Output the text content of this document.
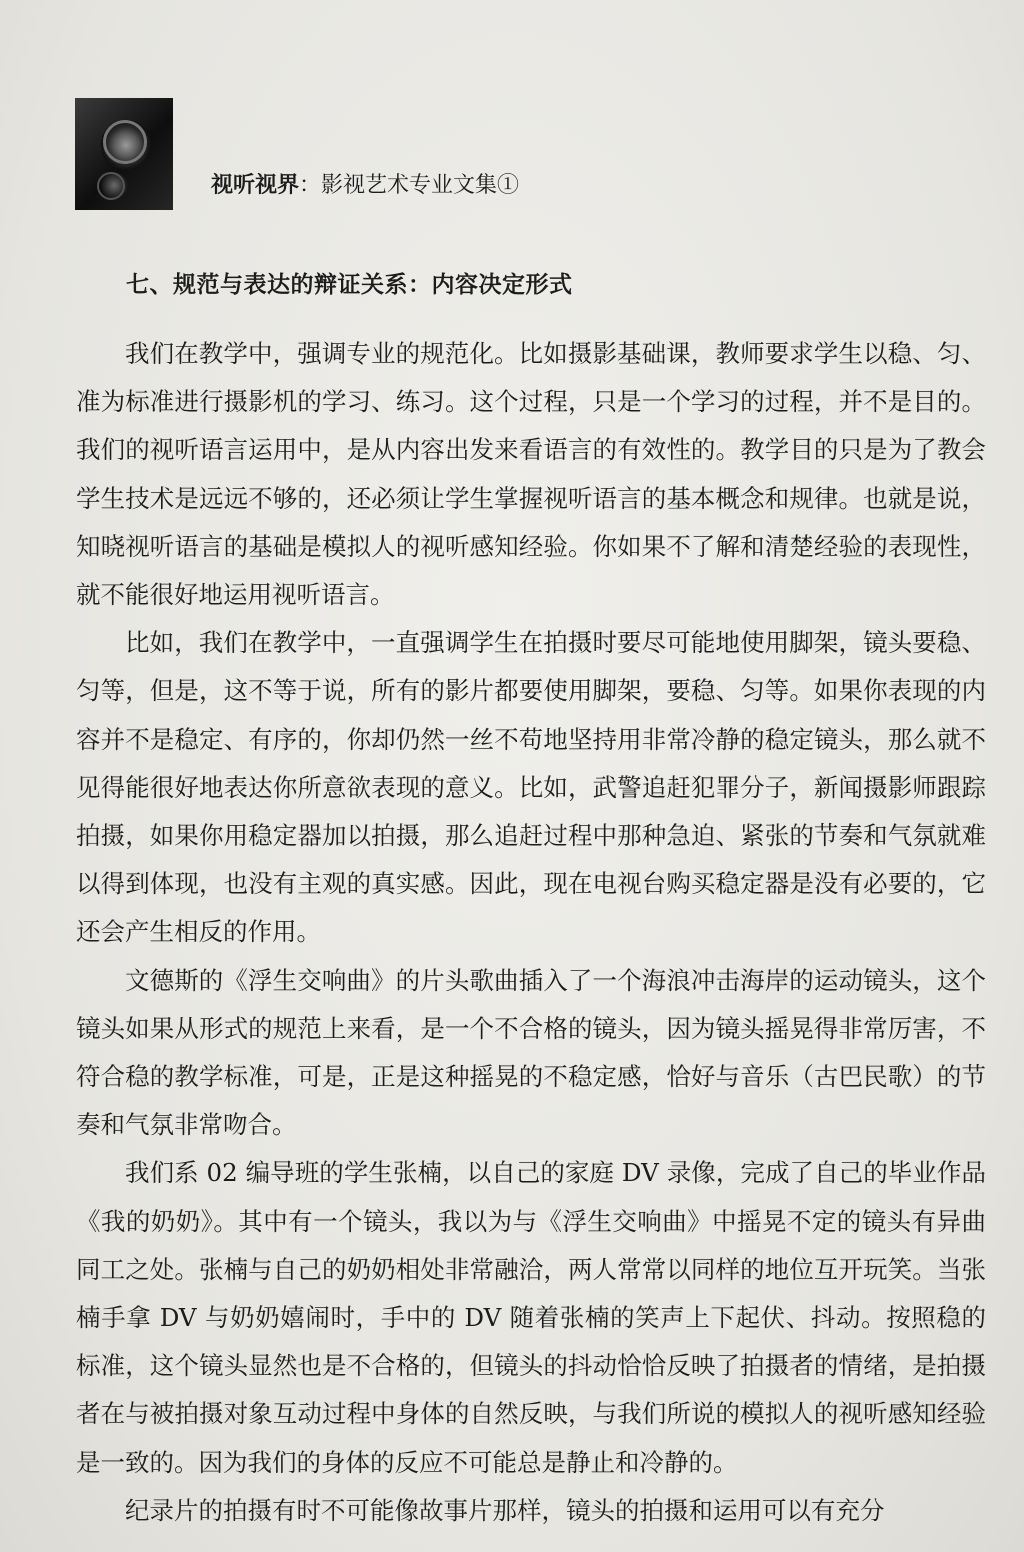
视听视界：影视艺术专业文集①
七、规范与表达的辩证关系：内容决定形式

我们在教学中，强调专业的规范化。比如摄影基础课，教师要求学生以稳、匀、准为标准进行摄影机的学习、练习。这个过程，只是一个学习的过程，并不是目的。我们的视听语言运用中，是从内容出发来看语言的有效性的。教学目的只是为了教会学生技术是远远不够的，还必须让学生掌握视听语言的基本概念和规律。也就是说，知晓视听语言的基础是模拟人的视听感知经验。你如果不了解和清楚经验的表现性，就不能很好地运用视听语言。

比如，我们在教学中，一直强调学生在拍摄时要尽可能地使用脚架，镜头要稳、匀等，但是，这不等于说，所有的影片都要使用脚架，要稳、匀等。如果你表现的内容并不是稳定、有序的，你却仍然一丝不苟地坚持用非常冷静的稳定镜头，那么就不见得能很好地表达你所意欲表现的意义。比如，武警追赶犯罪分子，新闻摄影师跟踪拍摄，如果你用稳定器加以拍摄，那么追赶过程中那种急迫、紧张的节奏和气氛就难以得到体现，也没有主观的真实感。因此，现在电视台购买稳定器是没有必要的，它还会产生相反的作用。

文德斯的《浮生交响曲》的片头歌曲插入了一个海浪冲击海岸的运动镜头，这个镜头如果从形式的规范上来看，是一个不合格的镜头，因为镜头摇晃得非常厉害，不符合稳的教学标准，可是，正是这种摇晃的不稳定感，恰好与音乐（古巴民歌）的节奏和气氛非常吻合。

我们系 02 编导班的学生张楠，以自己的家庭 DV 录像，完成了自己的毕业作品《我的奶奶》。其中有一个镜头，我以为与《浮生交响曲》中摇晃不定的镜头有异曲同工之处。张楠与自己的奶奶相处非常融洽，两人常常以同样的地位互开玩笑。当张楠手拿 DV 与奶奶嬉闹时，手中的 DV 随着张楠的笑声上下起伏、抖动。按照稳的标准，这个镜头显然也是不合格的，但镜头的抖动恰恰反映了拍摄者的情绪，是拍摄者在与被拍摄对象互动过程中身体的自然反映，与我们所说的模拟人的视听感知经验是一致的。因为我们的身体的反应不可能总是静止和冷静的。

纪录片的拍摄有时不可能像故事片那样，镜头的拍摄和运用可以有充分
